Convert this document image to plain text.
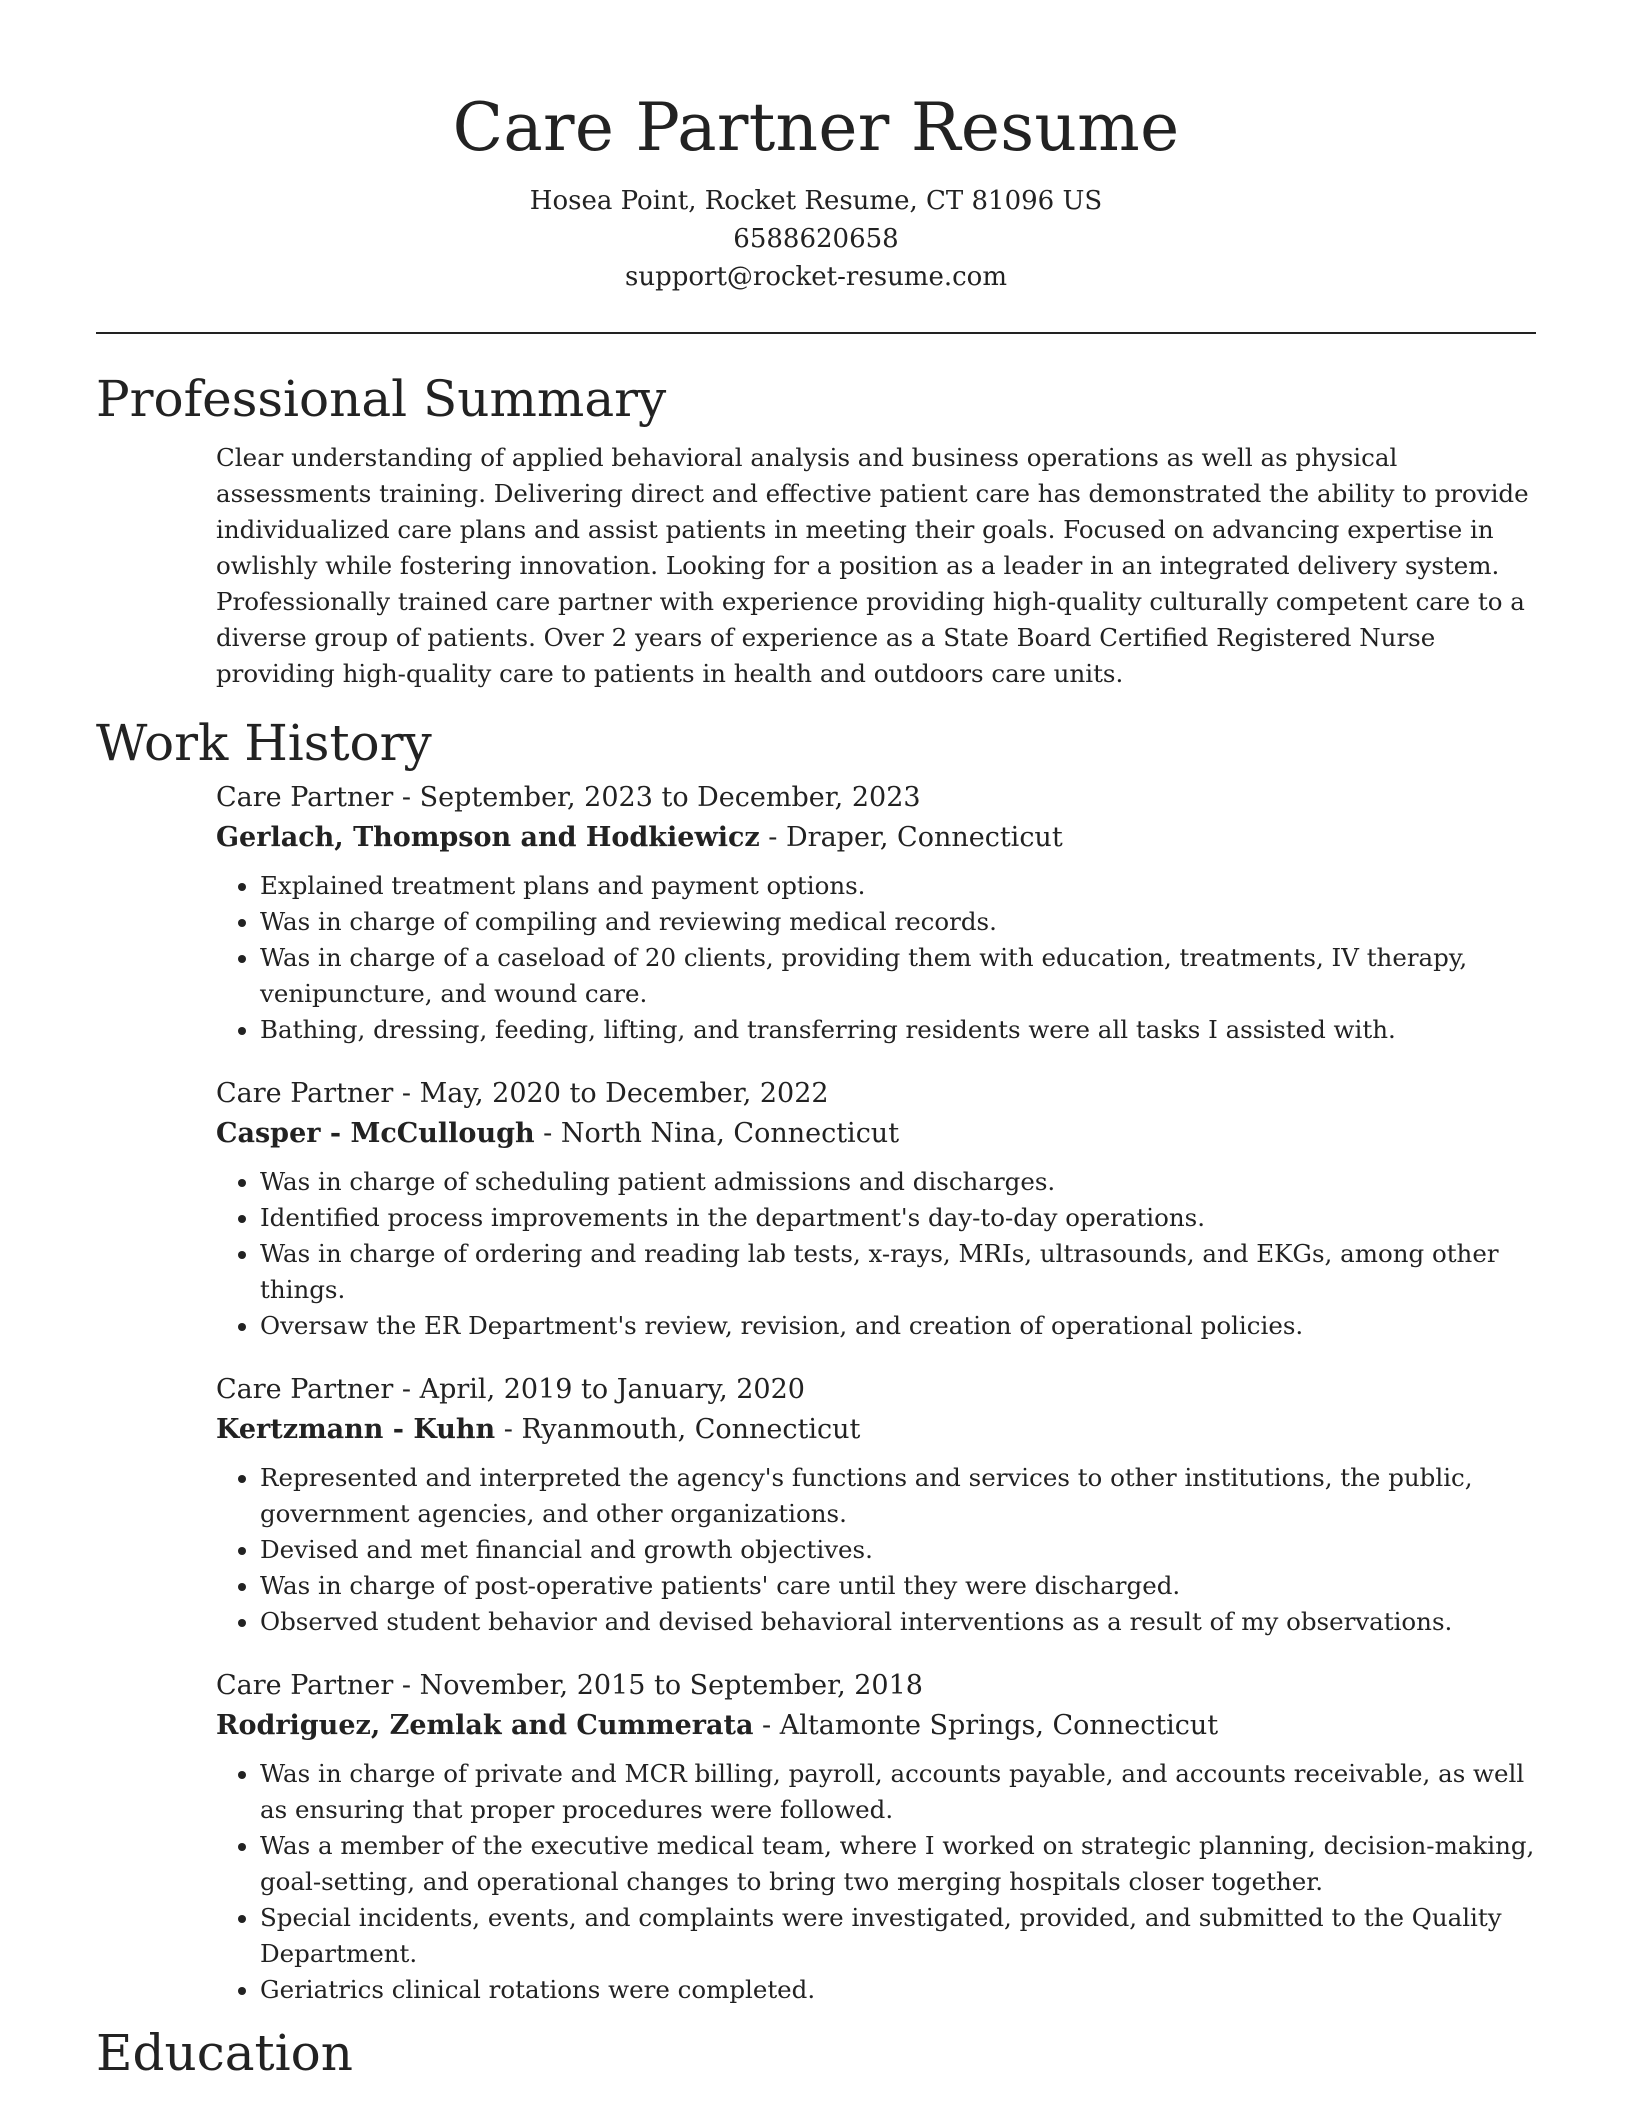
Care Partner Resume

Hosea Point, Rocket Resume, CT 81096 US

6588620658

support@rocket-resume.com

Professional Summary

Clear understanding of applied behavioral analysis and business operations as well as physical assessments training. Delivering direct and effective patient care has demonstrated the ability to provide individualized care plans and assist patients in meeting their goals. Focused on advancing expertise in owlishly while fostering innovation. Looking for a position as a leader in an integrated delivery system. Professionally trained care partner with experience providing high-quality culturally competent care to a diverse group of patients. Over 2 years of experience as a State Board Certified Registered Nurse providing high-quality care to patients in health and outdoors care units.

Work History

Care Partner - September, 2023 to December, 2023

Gerlach, Thompson and Hodkiewicz - Draper, Connecticut

• Explained treatment plans and payment options.
• Was in charge of compiling and reviewing medical records.
• Was in charge of a caseload of 20 clients, providing them with education, treatments, IV therapy, venipuncture, and wound care.
• Bathing, dressing, feeding, lifting, and transferring residents were all tasks I assisted with.

Care Partner - May, 2020 to December, 2022

Casper - McCullough - North Nina, Connecticut

• Was in charge of scheduling patient admissions and discharges.
• Identified process improvements in the department's day-to-day operations.
• Was in charge of ordering and reading lab tests, x-rays, MRIs, ultrasounds, and EKGs, among other things.
• Oversaw the ER Department's review, revision, and creation of operational policies.

Care Partner - April, 2019 to January, 2020

Kertzmann - Kuhn - Ryanmouth, Connecticut

• Represented and interpreted the agency's functions and services to other institutions, the public, government agencies, and other organizations.
• Devised and met financial and growth objectives.
• Was in charge of post-operative patients' care until they were discharged.
• Observed student behavior and devised behavioral interventions as a result of my observations.

Care Partner - November, 2015 to September, 2018

Rodriguez, Zemlak and Cummerata - Altamonte Springs, Connecticut

• Was in charge of private and MCR billing, payroll, accounts payable, and accounts receivable, as well as ensuring that proper procedures were followed.
• Was a member of the executive medical team, where I worked on strategic planning, decision-making, goal-setting, and operational changes to bring two merging hospitals closer together.
• Special incidents, events, and complaints were investigated, provided, and submitted to the Quality Department.
• Geriatrics clinical rotations were completed.
Education
